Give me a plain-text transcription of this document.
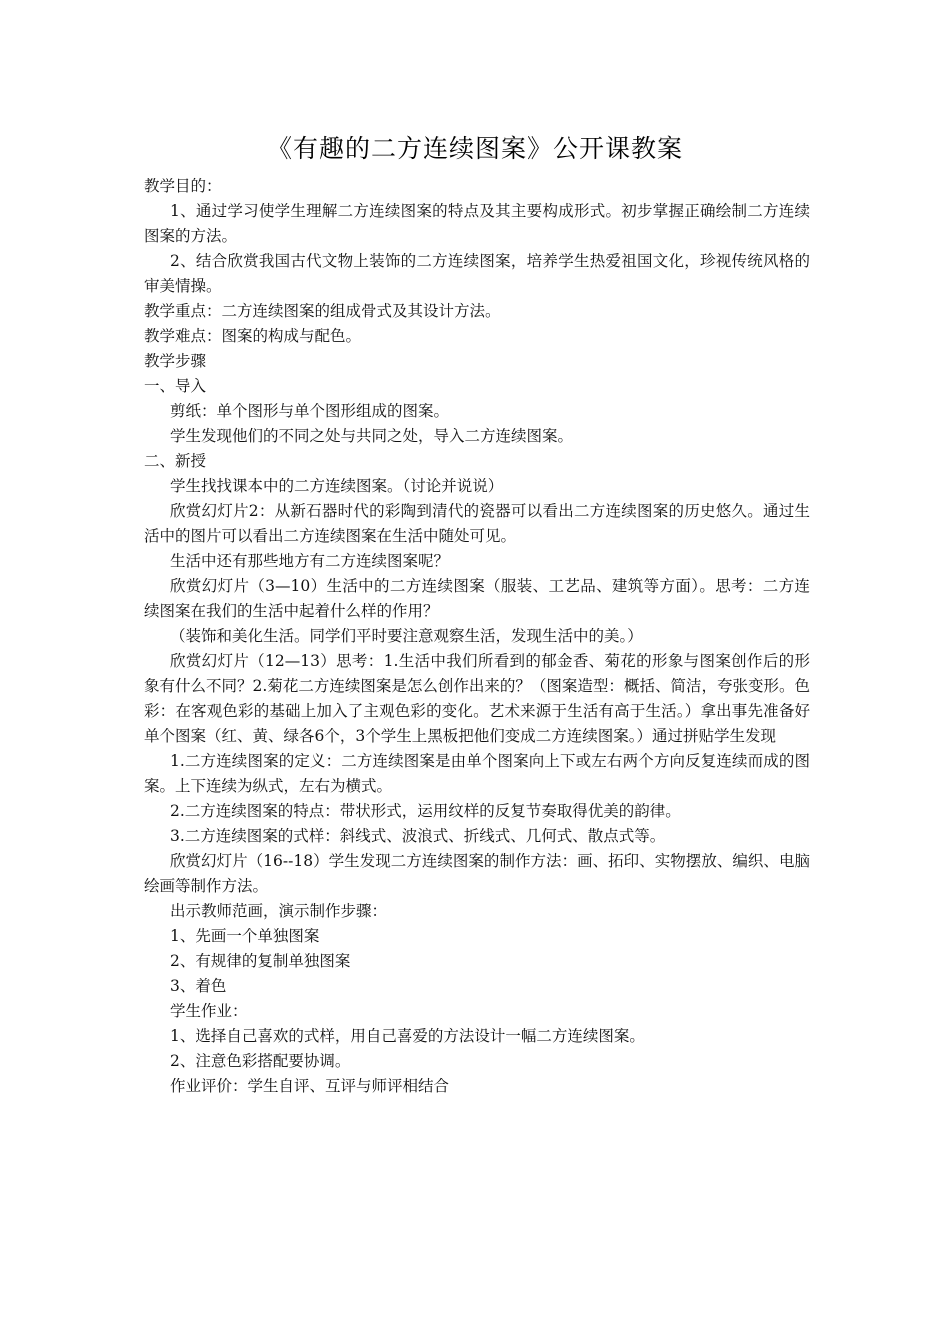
《有趣的二方连续图案》公开课教案

教学目的：

1、通过学习使学生理解二方连续图案的特点及其主要构成形式。初步掌握正确绘制二方连续图案的方法。

2、结合欣赏我国古代文物上装饰的二方连续图案，培养学生热爱祖国文化，珍视传统风格的审美情操。

教学重点：二方连续图案的组成骨式及其设计方法。

教学难点：图案的构成与配色。

教学步骤

一、导入

剪纸：单个图形与单个图形组成的图案。

学生发现他们的不同之处与共同之处，导入二方连续图案。

二、新授

学生找找课本中的二方连续图案。（讨论并说说）

欣赏幻灯片2：从新石器时代的彩陶到清代的瓷器可以看出二方连续图案的历史悠久。通过生活中的图片可以看出二方连续图案在生活中随处可见。

生活中还有那些地方有二方连续图案呢？

欣赏幻灯片（3—10）生活中的二方连续图案（服装、工艺品、建筑等方面）。思考：二方连续图案在我们的生活中起着什么样的作用？

（装饰和美化生活。同学们平时要注意观察生活，发现生活中的美。）

欣赏幻灯片（12—13）思考：1.生活中我们所看到的郁金香、菊花的形象与图案创作后的形象有什么不同？2.菊花二方连续图案是怎么创作出来的？（图案造型：概括、简洁，夸张变形。色彩：在客观色彩的基础上加入了主观色彩的变化。艺术来源于生活有高于生活。）拿出事先准备好单个图案（红、黄、绿各6个，3个学生上黑板把他们变成二方连续图案。）通过拼贴学生发现

1.二方连续图案的定义：二方连续图案是由单个图案向上下或左右两个方向反复连续而成的图案。上下连续为纵式，左右为横式。

2.二方连续图案的特点：带状形式，运用纹样的反复节奏取得优美的韵律。

3.二方连续图案的式样：斜线式、波浪式、折线式、几何式、散点式等。

欣赏幻灯片（16--18）学生发现二方连续图案的制作方法：画、拓印、实物摆放、编织、电脑绘画等制作方法。

出示教师范画，演示制作步骤：

1、先画一个单独图案

2、有规律的复制单独图案

3、着色

学生作业：

1、选择自己喜欢的式样，用自己喜爱的方法设计一幅二方连续图案。

2、注意色彩搭配要协调。

作业评价：学生自评、互评与师评相结合
